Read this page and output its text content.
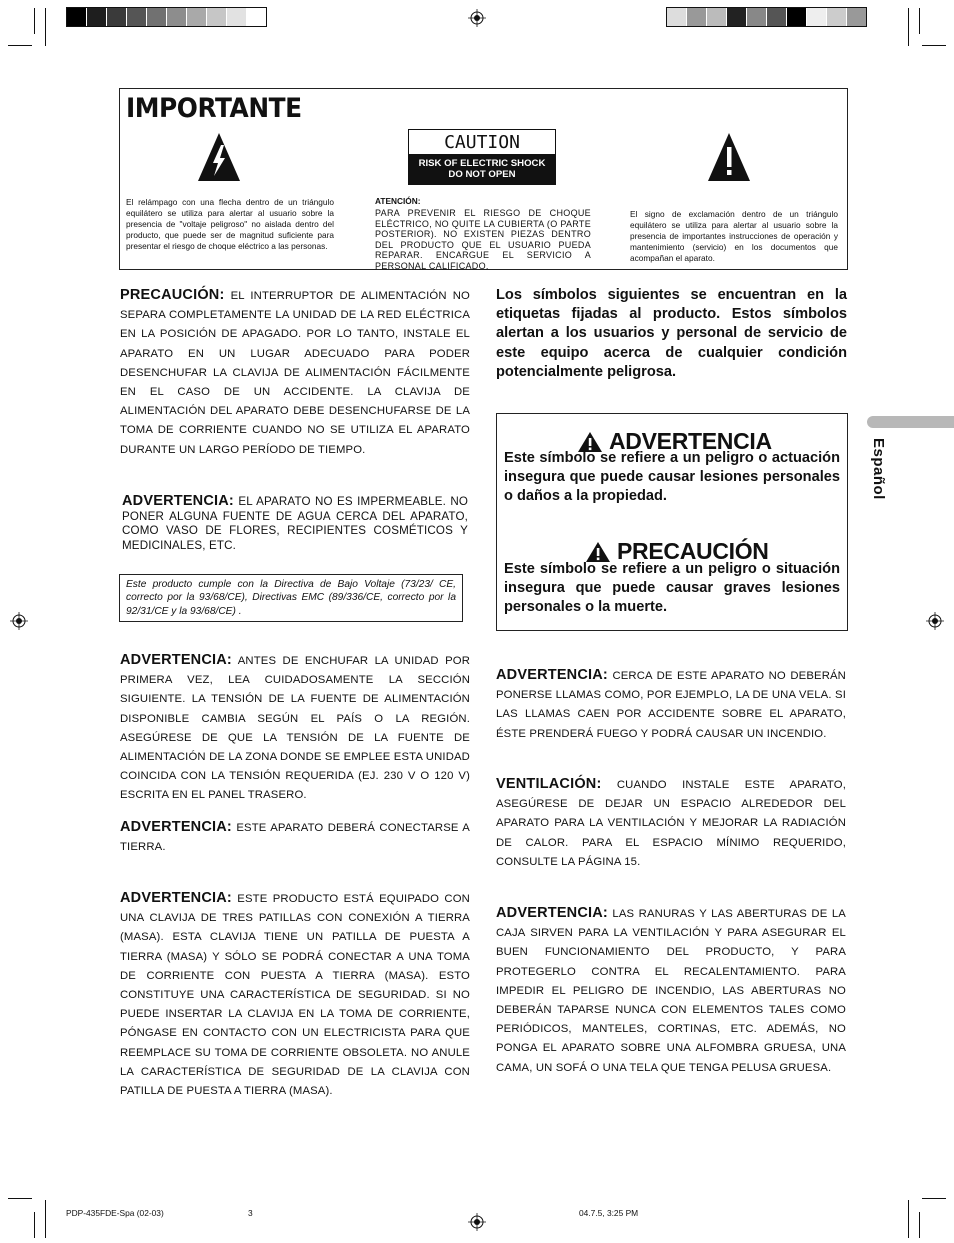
IMPORTANTE
El relámpago con una flecha dentro de un triángulo equilátero se utiliza para alertar al usuario sobre la presencia de "voltaje peligroso" no aislada dentro del producto, que puede ser de magnitud suficiente para presentar el riesgo de choque eléctrico a las personas.
CAUTION
RISK OF ELECTRIC SHOCK
DO NOT OPEN
ATENCIÓN:
PARA PREVENIR EL RIESGO DE CHOQUE ELÉCTRICO, NO QUITE LA CUBIERTA (O PARTE POSTERIOR). NO EXISTEN PIEZAS DENTRO DEL PRODUCTO QUE EL USUARIO PUEDA REPARAR. ENCARGUE EL SERVICIO A PERSONAL CALIFICADO.
El signo de exclamación dentro de un triángulo equilátero se utiliza para alertar al usuario sobre la presencia de importantes instrucciones de operación y mantenimiento (servicio) en los documentos que acompañan el aparato.
PRECAUCIÓN: EL INTERRUPTOR DE ALIMENTACIÓN NO SEPARA COMPLETAMENTE LA UNIDAD DE LA RED ELÉCTRICA EN LA POSICIÓN DE APAGADO. POR LO TANTO, INSTALE EL APARATO EN UN LUGAR ADECUADO PARA PODER DESENCHUFAR LA CLAVIJA DE ALIMENTACIÓN FÁCILMENTE EN EL CASO DE UN ACCIDENTE. LA CLAVIJA DE ALIMENTACIÓN DEL APARATO DEBE DESENCHUFARSE DE LA TOMA DE CORRIENTE CUANDO NO SE UTILIZA EL APARATO DURANTE UN LARGO PERÍODO DE TIEMPO.
ADVERTENCIA: EL APARATO NO ES IMPERMEABLE. NO PONER ALGUNA FUENTE DE AGUA CERCA DEL APARATO, COMO VASO DE FLORES, RECIPIENTES COSMÉTICOS Y MEDICINALES, ETC.
Este producto cumple con la Directiva de Bajo Voltaje (73/23/ CE, correcto por la 93/68/CE), Directivas EMC (89/336/CE, correcto por la 92/31/CE y la 93/68/CE) .
ADVERTENCIA: ANTES DE ENCHUFAR LA UNIDAD POR PRIMERA VEZ, LEA CUIDADOSAMENTE LA SECCIÓN SIGUIENTE. LA TENSIÓN DE LA FUENTE DE ALIMENTACIÓN DISPONIBLE CAMBIA SEGÚN EL PAÍS O LA REGIÓN. ASEGÚRESE DE QUE LA TENSIÓN DE LA FUENTE DE ALIMENTACIÓN DE LA ZONA DONDE SE EMPLEE ESTA UNIDAD COINCIDA CON LA TENSIÓN REQUERIDA (EJ. 230 V O 120 V) ESCRITA EN EL PANEL TRASERO.
ADVERTENCIA: ESTE APARATO DEBERÁ CONECTARSE A TIERRA.
ADVERTENCIA: ESTE PRODUCTO ESTÁ EQUIPADO CON UNA CLAVIJA DE TRES PATILLAS CON CONEXIÓN A TIERRA (MASA). ESTA CLAVIJA TIENE UN PATILLA DE PUESTA A TIERRA (MASA) Y SÓLO SE PODRÁ CONECTAR A UNA TOMA DE CORRIENTE CON PUESTA A TIERRA (MASA). ESTO CONSTITUYE UNA CARACTERÍSTICA DE SEGURIDAD. SI NO PUEDE INSERTAR LA CLAVIJA EN LA TOMA DE CORRIENTE, PÓNGASE EN CONTACTO CON UN ELECTRICISTA PARA QUE REEMPLACE SU TOMA DE CORRIENTE OBSOLETA. NO ANULE LA CARACTERÍSTICA DE SEGURIDAD DE LA CLAVIJA CON PATILLA DE PUESTA A TIERRA (MASA).
Los símbolos siguientes se encuentran en la etiquetas fijadas al producto. Estos símbolos alertan a los usuarios y personal de servicio de este equipo acerca de cualquier condición potencialmente peligrosa.
ADVERTENCIA
Este símbolo se refiere a un peligro o actuación insegura que puede causar lesiones personales o daños a la propiedad.
PRECAUCIÓN
Este símbolo se refiere a un peligro o situación insegura que puede causar graves lesiones personales o la muerte.
ADVERTENCIA: CERCA DE ESTE APARATO NO DEBERÁN PONERSE LLAMAS COMO, POR EJEMPLO, LA DE UNA VELA. SI LAS LLAMAS CAEN POR ACCIDENTE SOBRE EL APARATO, ÉSTE PRENDERÁ FUEGO Y PODRÁ CAUSAR UN INCENDIO.
VENTILACIÓN: CUANDO INSTALE ESTE APARATO, ASEGÚRESE DE DEJAR UN ESPACIO ALREDEDOR DEL APARATO PARA LA VENTILACIÓN Y MEJORAR LA RADIACIÓN DE CALOR. PARA EL ESPACIO MÍNIMO REQUERIDO, CONSULTE LA PÁGINA 15.
ADVERTENCIA: LAS RANURAS Y LAS ABERTURAS DE LA CAJA SIRVEN PARA LA VENTILACIÓN Y PARA ASEGURAR EL BUEN FUNCIONAMIENTO DEL PRODUCTO, Y PARA PROTEGERLO CONTRA EL RECALENTAMIENTO. PARA IMPEDIR EL PELIGRO DE INCENDIO, LAS ABERTURAS NO DEBERÁN TAPARSE NUNCA CON ELEMENTOS TALES COMO PERIÓDICOS, MANTELES, CORTINAS, ETC. ADEMÁS, NO PONGA EL APARATO SOBRE UNA ALFOMBRA GRUESA, UNA CAMA, UN SOFÁ O UNA TELA QUE TENGA PELUSA GRUESA.
Español
PDP-435FDE-Spa (02-03)	3	04.7.5, 3:25 PM
